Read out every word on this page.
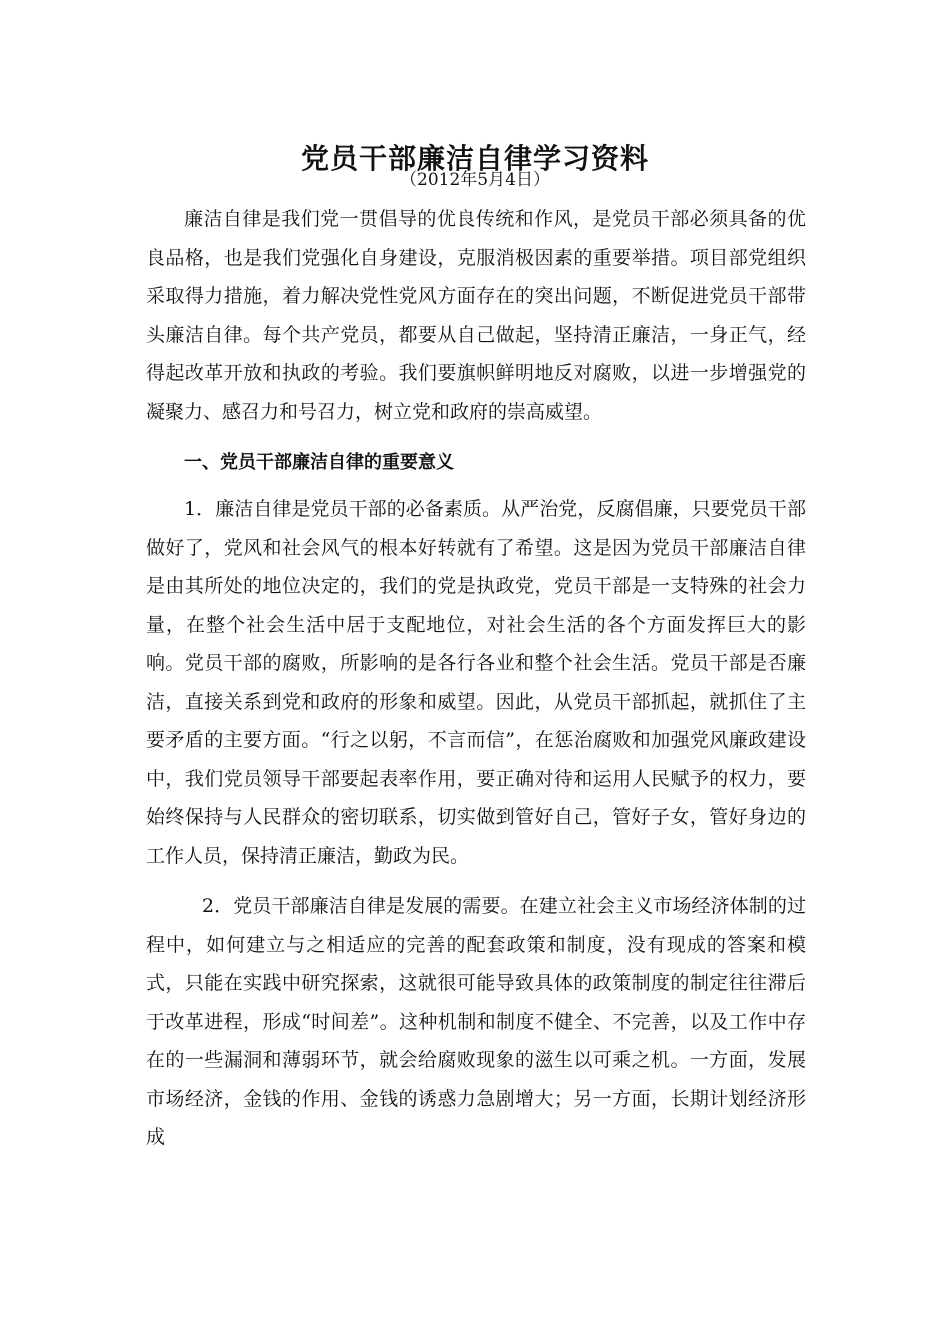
党员干部廉洁自律学习资料
（2012年5月4日）

廉洁自律是我们党一贯倡导的优良传统和作风，是党员干部必须具备的优良品格，也是我们党强化自身建设，克服消极因素的重要举措。项目部党组织采取得力措施，着力解决党性党风方面存在的突出问题，不断促进党员干部带头廉洁自律。每个共产党员，都要从自己做起，坚持清正廉洁，一身正气，经得起改革开放和执政的考验。我们要旗帜鲜明地反对腐败，以进一步增强党的凝聚力、感召力和号召力，树立党和政府的崇高威望。

一、党员干部廉洁自律的重要意义

1．廉洁自律是党员干部的必备素质。从严治党，反腐倡廉，只要党员干部做好了，党风和社会风气的根本好转就有了希望。这是因为党员干部廉洁自律是由其所处的地位决定的，我们的党是执政党，党员干部是一支特殊的社会力量，在整个社会生活中居于支配地位，对社会生活的各个方面发挥巨大的影响。党员干部的腐败，所影响的是各行各业和整个社会生活。党员干部是否廉洁，直接关系到党和政府的形象和威望。因此，从党员干部抓起，就抓住了主要矛盾的主要方面。“行之以躬，不言而信”，在惩治腐败和加强党风廉政建设中，我们党员领导干部要起表率作用，要正确对待和运用人民赋予的权力，要始终保持与人民群众的密切联系，切实做到管好自己，管好子女，管好身边的工作人员，保持清正廉洁，勤政为民。

2．党员干部廉洁自律是发展的需要。在建立社会主义市场经济体制的过程中，如何建立与之相适应的完善的配套政策和制度，没有现成的答案和模式，只能在实践中研究探索，这就很可能导致具体的政策制度的制定往往滞后于改革进程，形成“时间差”。这种机制和制度不健全、不完善，以及工作中存在的一些漏洞和薄弱环节，就会给腐败现象的滋生以可乘之机。一方面，发展市场经济，金钱的作用、金钱的诱惑力急剧增大；另一方面，长期计划经济形成
